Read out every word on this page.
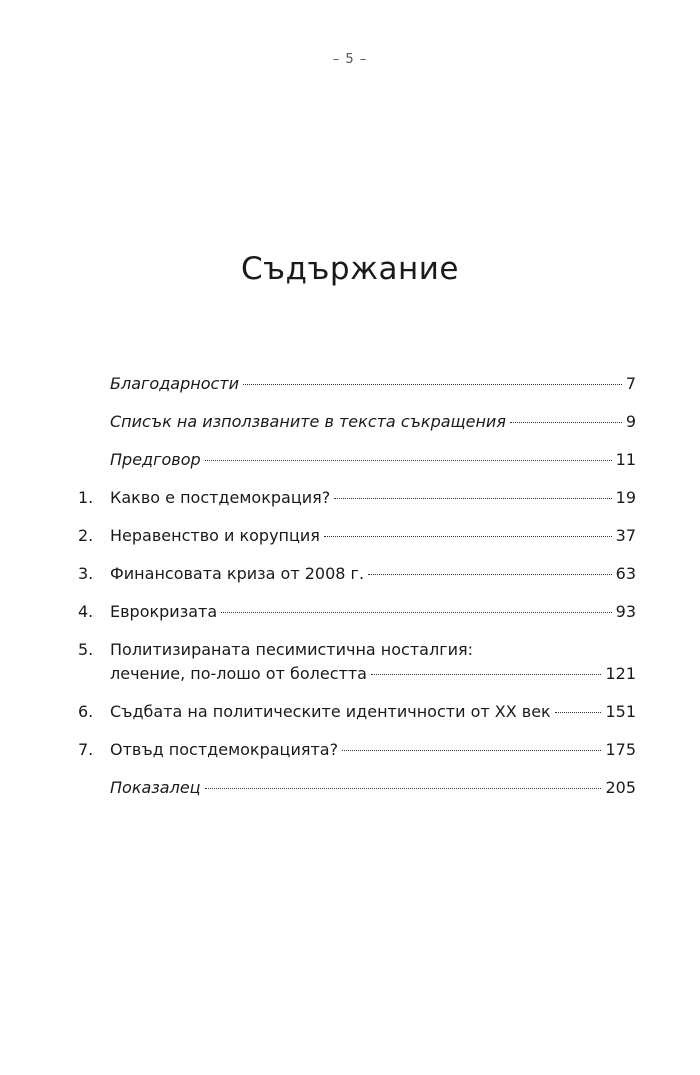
– 5 –
Съдържание
Благодарности	7
Списък на използваните в текста съкращения	9
Предговор	11
1.	Какво е постдемокрация?	19
2.	Неравенство и корупция	37
3.	Финансовата криза от 2008 г.	63
4.	Еврокризата	93
5.	Политизираната песимистична носталгия:
лечение, по-лошо от болестта	121
6.	Съдбата на политическите идентичности от XX век	151
7.	Отвъд постдемокрацията?	175
Показалец	205
